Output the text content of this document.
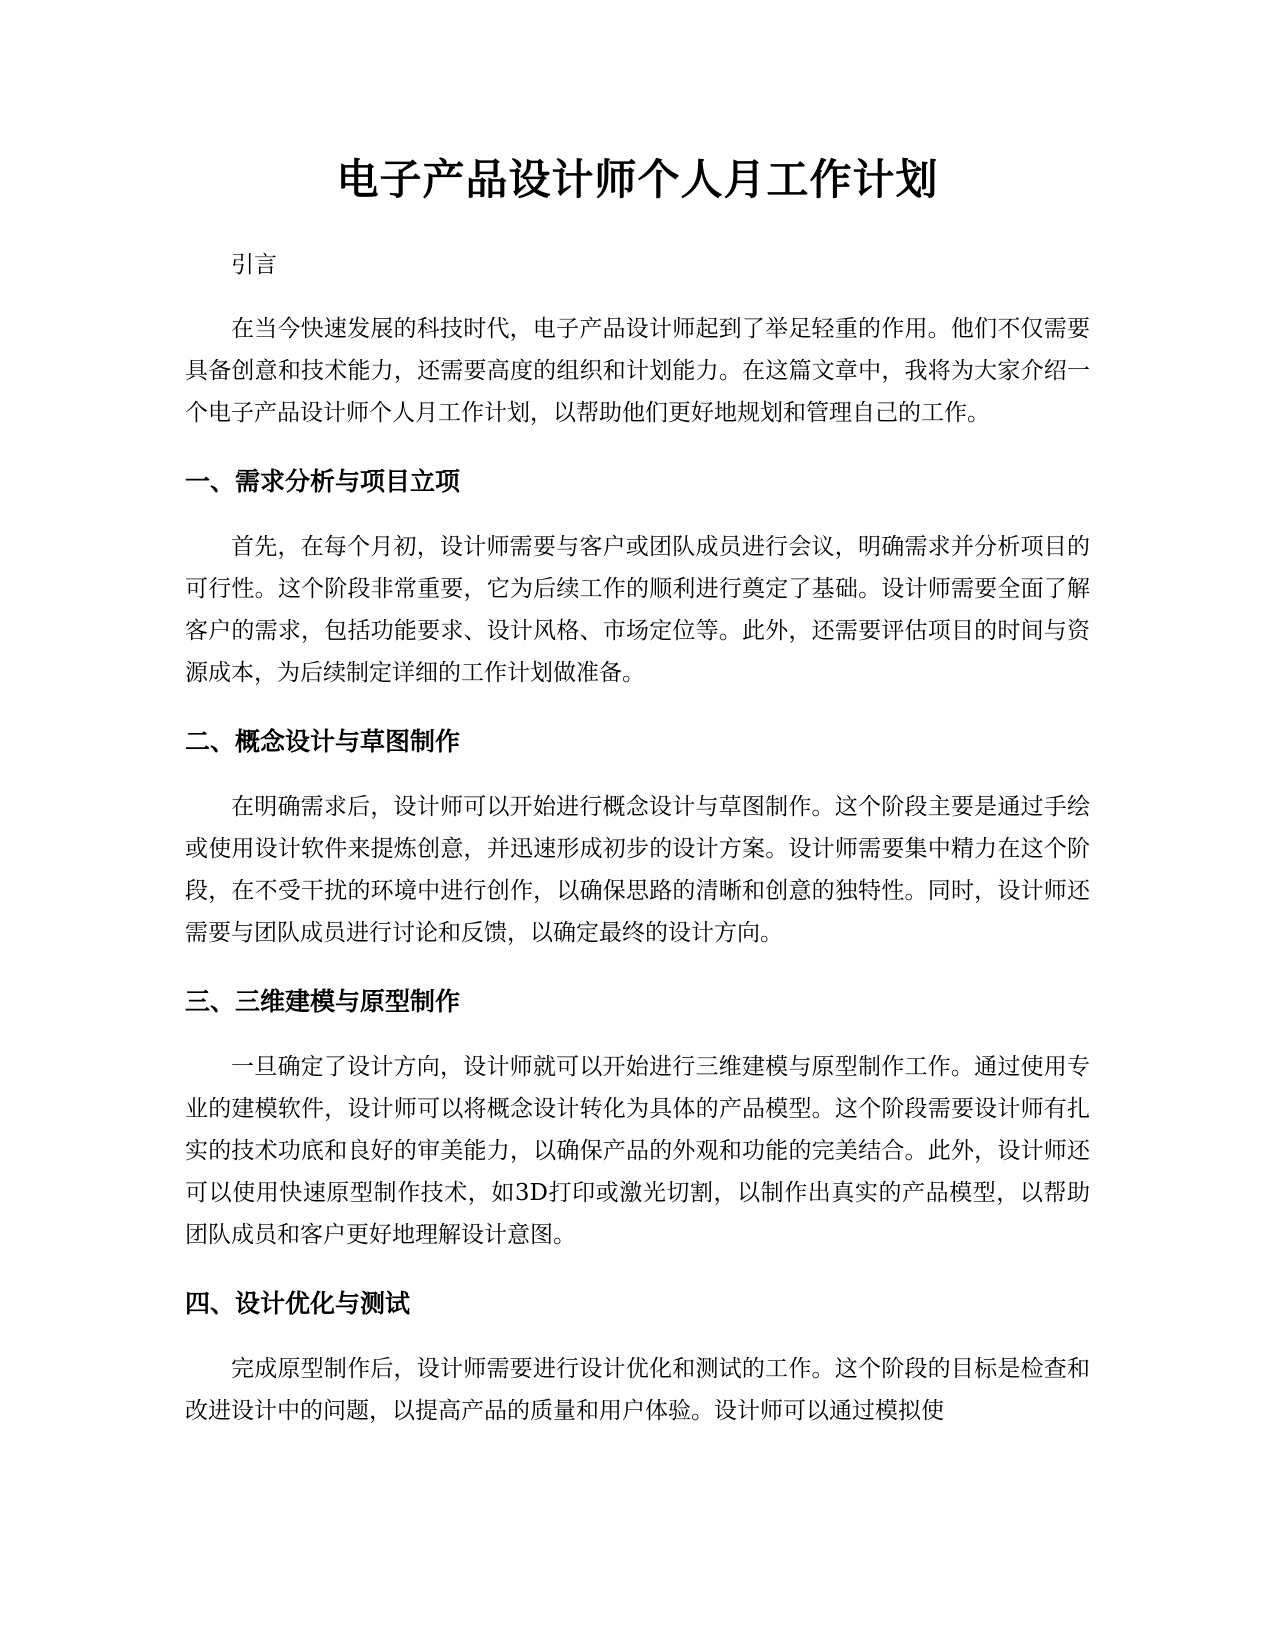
电子产品设计师个人月工作计划

引言

在当今快速发展的科技时代，电子产品设计师起到了举足轻重的作用。他们不仅需要具备创意和技术能力，还需要高度的组织和计划能力。在这篇文章中，我将为大家介绍一个电子产品设计师个人月工作计划，以帮助他们更好地规划和管理自己的工作。

一、需求分析与项目立项

首先，在每个月初，设计师需要与客户或团队成员进行会议，明确需求并分析项目的可行性。这个阶段非常重要，它为后续工作的顺利进行奠定了基础。设计师需要全面了解客户的需求，包括功能要求、设计风格、市场定位等。此外，还需要评估项目的时间与资源成本，为后续制定详细的工作计划做准备。

二、概念设计与草图制作

在明确需求后，设计师可以开始进行概念设计与草图制作。这个阶段主要是通过手绘或使用设计软件来提炼创意，并迅速形成初步的设计方案。设计师需要集中精力在这个阶段，在不受干扰的环境中进行创作，以确保思路的清晰和创意的独特性。同时，设计师还需要与团队成员进行讨论和反馈，以确定最终的设计方向。

三、三维建模与原型制作

一旦确定了设计方向，设计师就可以开始进行三维建模与原型制作工作。通过使用专业的建模软件，设计师可以将概念设计转化为具体的产品模型。这个阶段需要设计师有扎实的技术功底和良好的审美能力，以确保产品的外观和功能的完美结合。此外，设计师还可以使用快速原型制作技术，如3D打印或激光切割，以制作出真实的产品模型，以帮助团队成员和客户更好地理解设计意图。

四、设计优化与测试

完成原型制作后，设计师需要进行设计优化和测试的工作。这个阶段的目标是检查和改进设计中的问题，以提高产品的质量和用户体验。设计师可以通过模拟使
